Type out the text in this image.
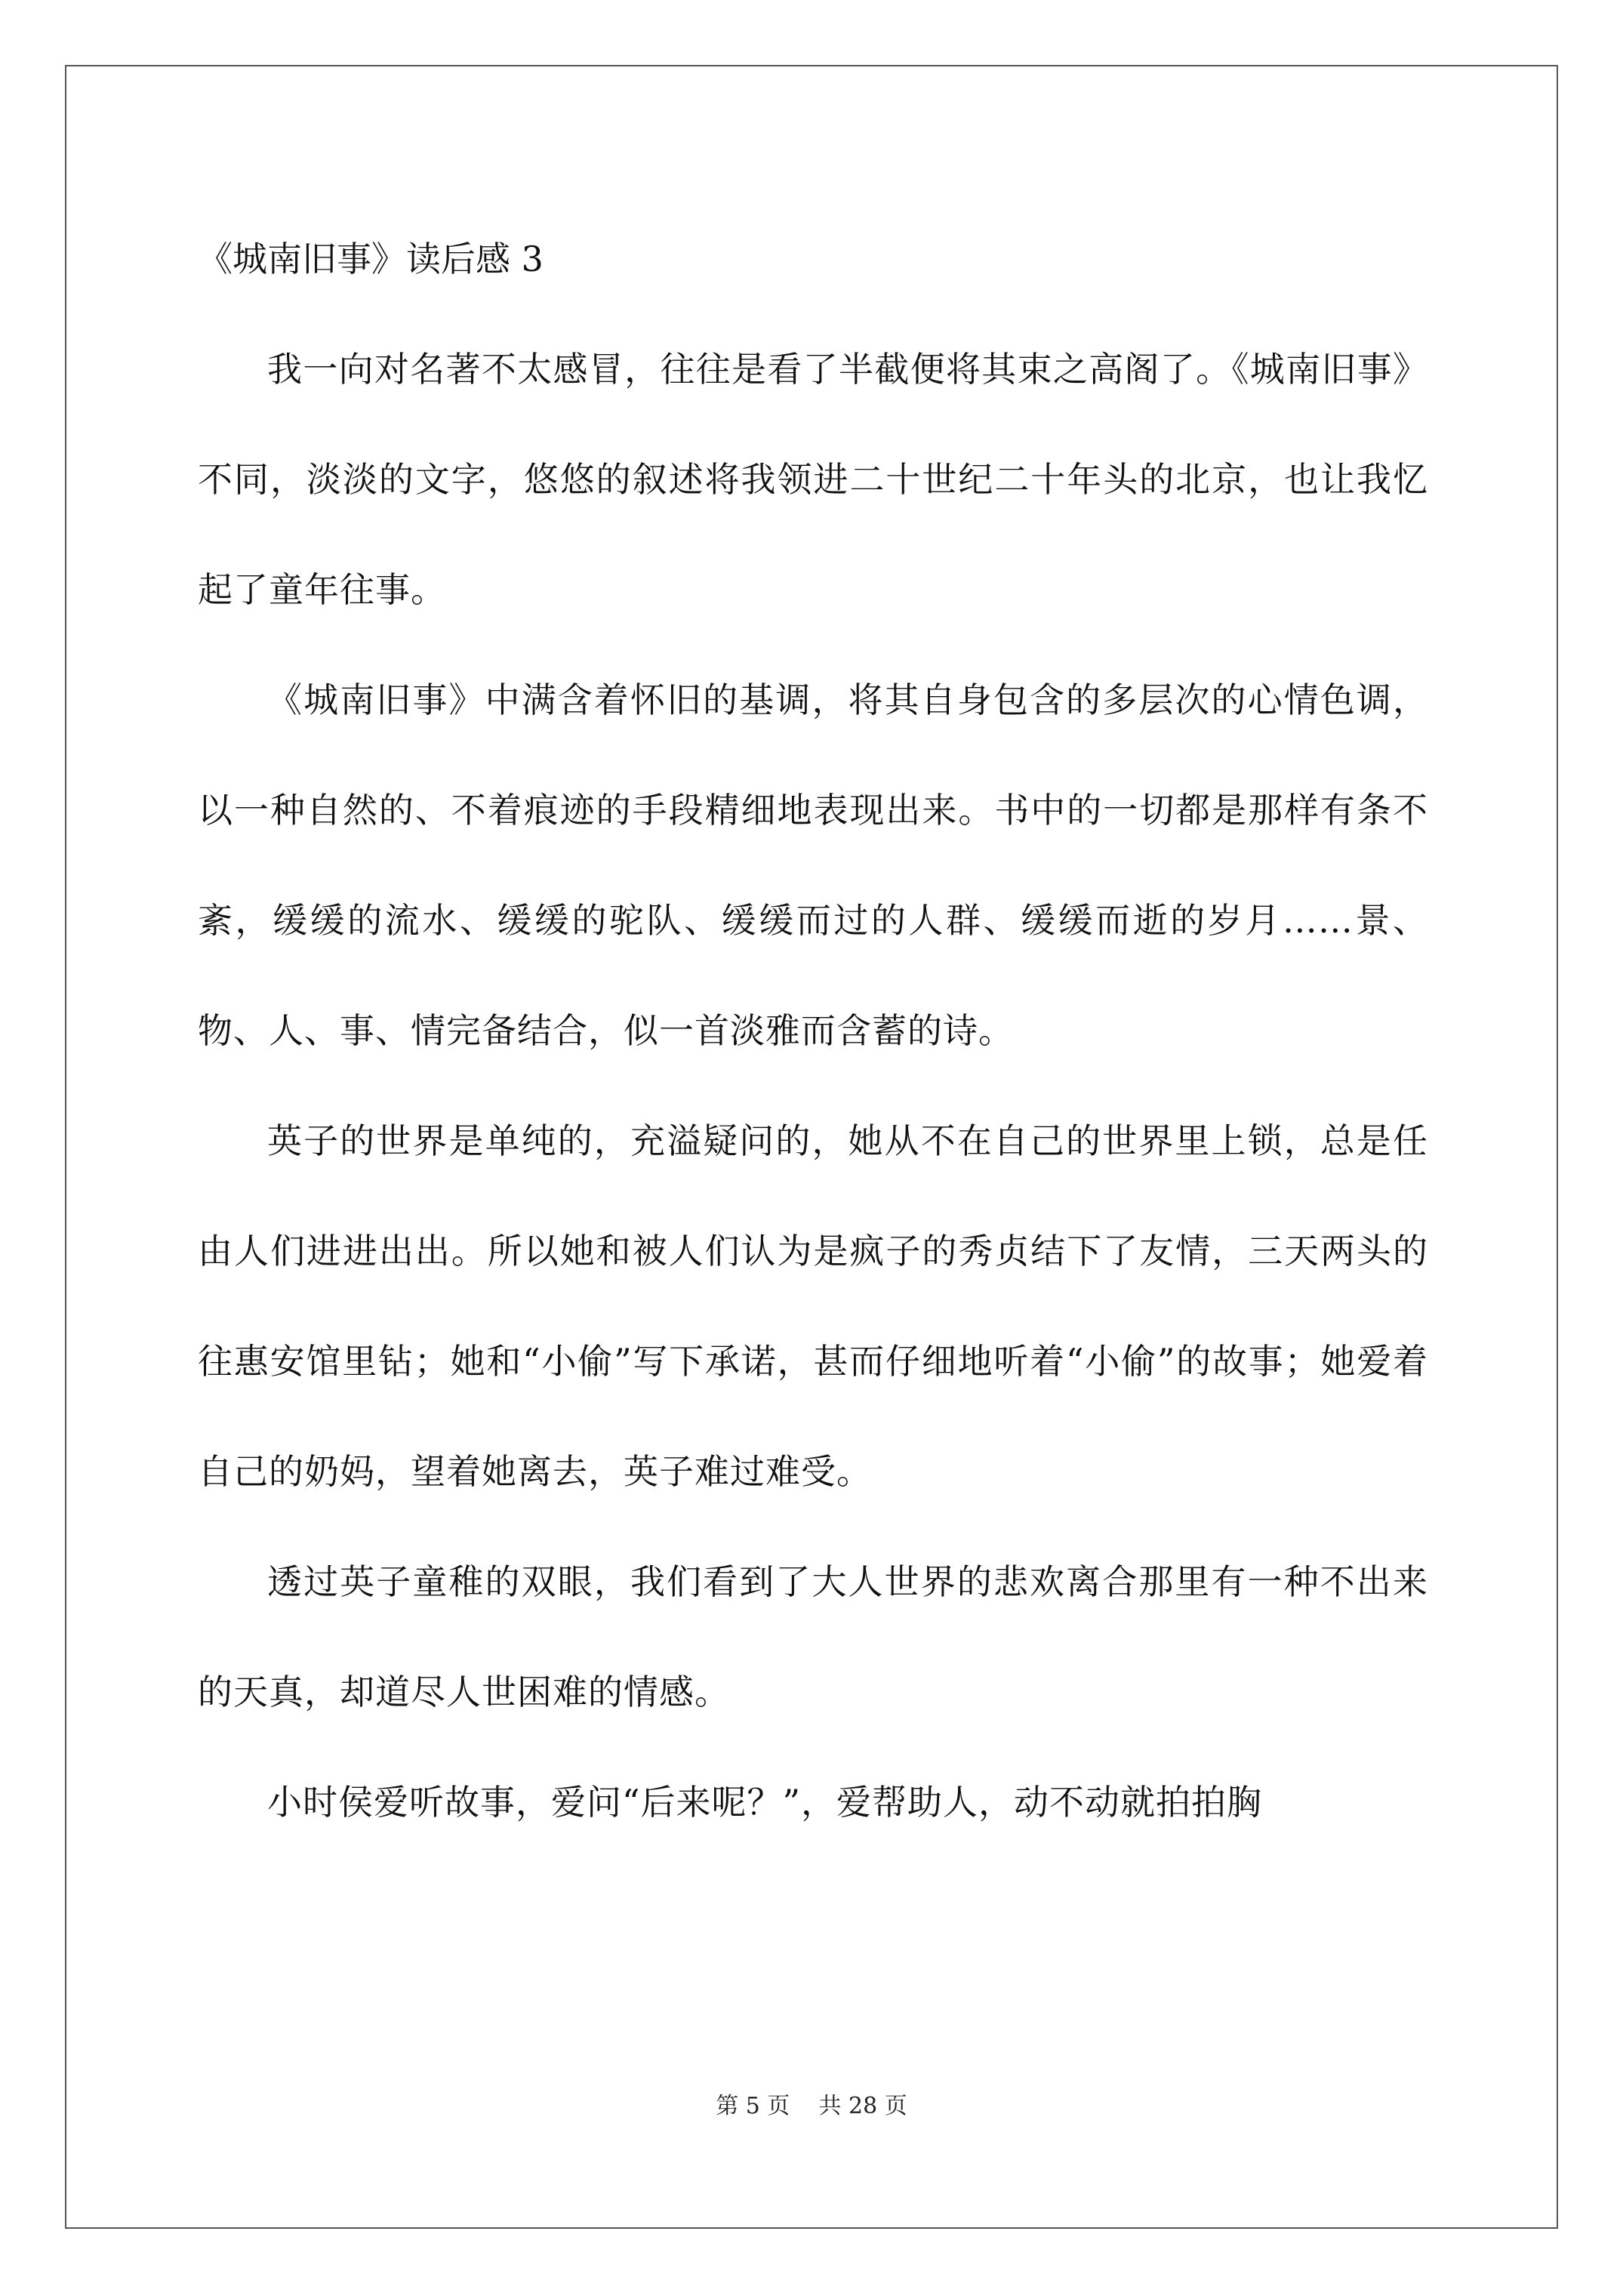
《城南旧事》读后感 3

我一向对名著不太感冒，往往是看了半截便将其束之高阁了。《城南旧事》不同，淡淡的文字，悠悠的叙述将我领进二十世纪二十年头的北京，也让我忆起了童年往事。

《城南旧事》中满含着怀旧的基调，将其自身包含的多层次的心情色调，以一种自然的、不着痕迹的手段精细地表现出来。书中的一切都是那样有条不紊，缓缓的流水、缓缓的驼队、缓缓而过的人群、缓缓而逝的岁月……景、物、人、事、情完备结合，似一首淡雅而含蓄的诗。

英子的世界是单纯的，充溢疑问的，她从不在自己的世界里上锁，总是任由人们进进出出。所以她和被人们认为是疯子的秀贞结下了友情，三天两头的往惠安馆里钻；她和“小偷”写下承诺，甚而仔细地听着“小偷”的故事；她爱着自己的奶妈，望着她离去，英子难过难受。

透过英子童稚的双眼，我们看到了大人世界的悲欢离合那里有一种不出来的天真，却道尽人世困难的情感。

小时侯爱听故事，爱问“后来呢？”，爱帮助人，动不动就拍拍胸

第 5 页    共 28 页
